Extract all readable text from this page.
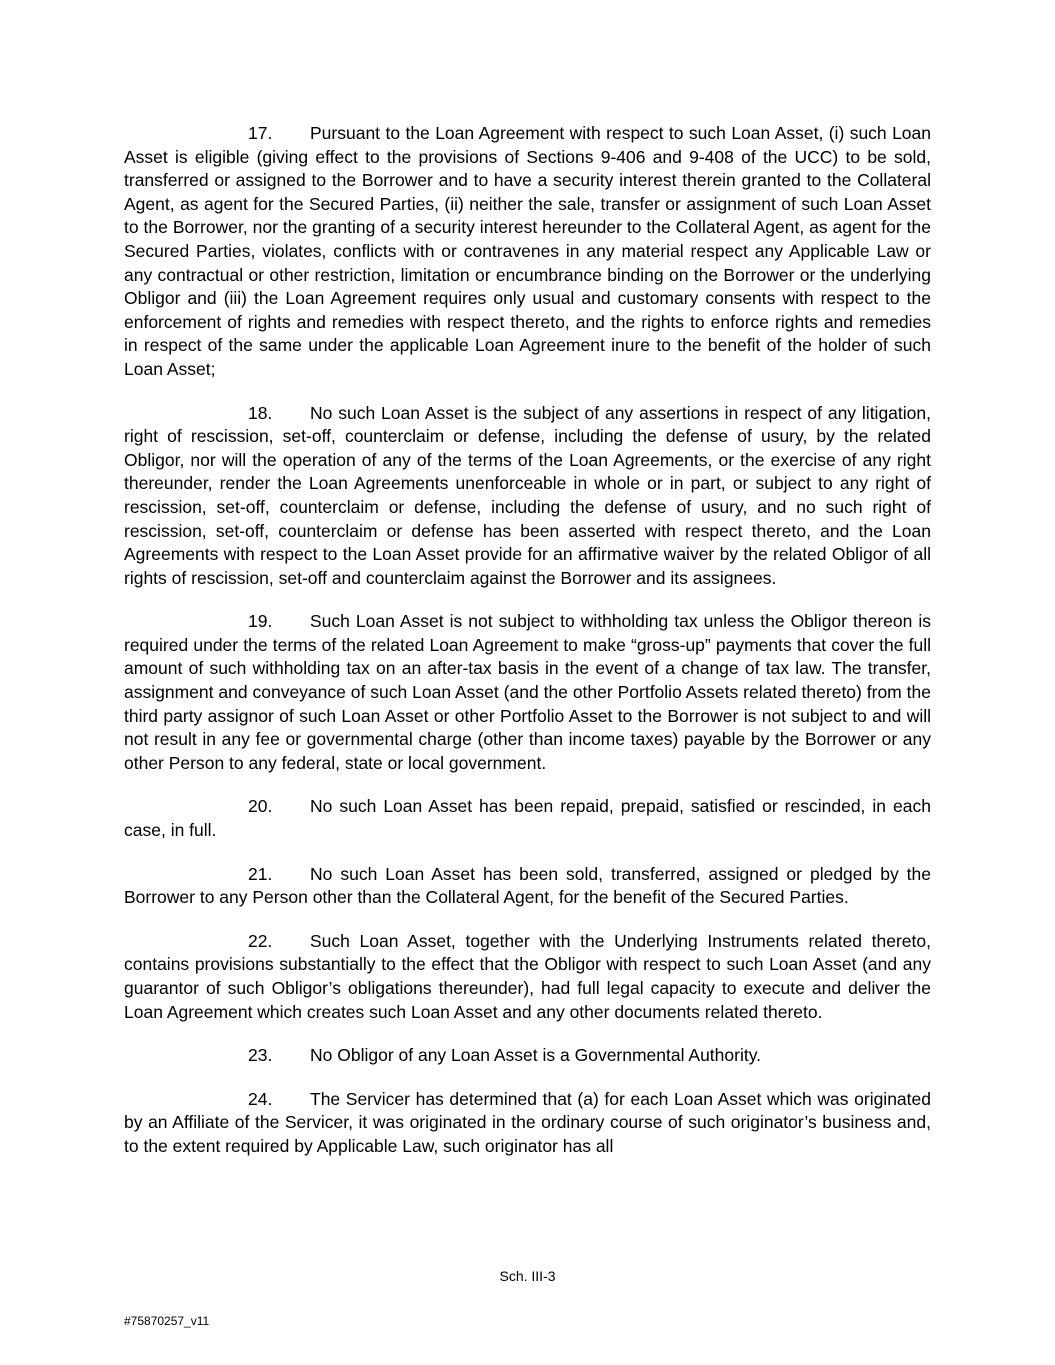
17. Pursuant to the Loan Agreement with respect to such Loan Asset, (i) such Loan Asset is eligible (giving effect to the provisions of Sections 9-406 and 9-408 of the UCC) to be sold, transferred or assigned to the Borrower and to have a security interest therein granted to the Collateral Agent, as agent for the Secured Parties, (ii) neither the sale, transfer or assignment of such Loan Asset to the Borrower, nor the granting of a security interest hereunder to the Collateral Agent, as agent for the Secured Parties, violates, conflicts with or contravenes in any material respect any Applicable Law or any contractual or other restriction, limitation or encumbrance binding on the Borrower or the underlying Obligor and (iii) the Loan Agreement requires only usual and customary consents with respect to the enforcement of rights and remedies with respect thereto, and the rights to enforce rights and remedies in respect of the same under the applicable Loan Agreement inure to the benefit of the holder of such Loan Asset;

18. No such Loan Asset is the subject of any assertions in respect of any litigation, right of rescission, set-off, counterclaim or defense, including the defense of usury, by the related Obligor, nor will the operation of any of the terms of the Loan Agreements, or the exercise of any right thereunder, render the Loan Agreements unenforceable in whole or in part, or subject to any right of rescission, set-off, counterclaim or defense, including the defense of usury, and no such right of rescission, set-off, counterclaim or defense has been asserted with respect thereto, and the Loan Agreements with respect to the Loan Asset provide for an affirmative waiver by the related Obligor of all rights of rescission, set-off and counterclaim against the Borrower and its assignees.

19. Such Loan Asset is not subject to withholding tax unless the Obligor thereon is required under the terms of the related Loan Agreement to make “gross-up” payments that cover the full amount of such withholding tax on an after-tax basis in the event of a change of tax law. The transfer, assignment and conveyance of such Loan Asset (and the other Portfolio Assets related thereto) from the third party assignor of such Loan Asset or other Portfolio Asset to the Borrower is not subject to and will not result in any fee or governmental charge (other than income taxes) payable by the Borrower or any other Person to any federal, state or local government.

20. No such Loan Asset has been repaid, prepaid, satisfied or rescinded, in each case, in full.

21. No such Loan Asset has been sold, transferred, assigned or pledged by the Borrower to any Person other than the Collateral Agent, for the benefit of the Secured Parties.

22. Such Loan Asset, together with the Underlying Instruments related thereto, contains provisions substantially to the effect that the Obligor with respect to such Loan Asset (and any guarantor of such Obligor’s obligations thereunder), had full legal capacity to execute and deliver the Loan Agreement which creates such Loan Asset and any other documents related thereto.

23. No Obligor of any Loan Asset is a Governmental Authority.

24. The Servicer has determined that (a) for each Loan Asset which was originated by an Affiliate of the Servicer, it was originated in the ordinary course of such originator’s business and, to the extent required by Applicable Law, such originator has all

Sch. III-3
#75870257_v11
